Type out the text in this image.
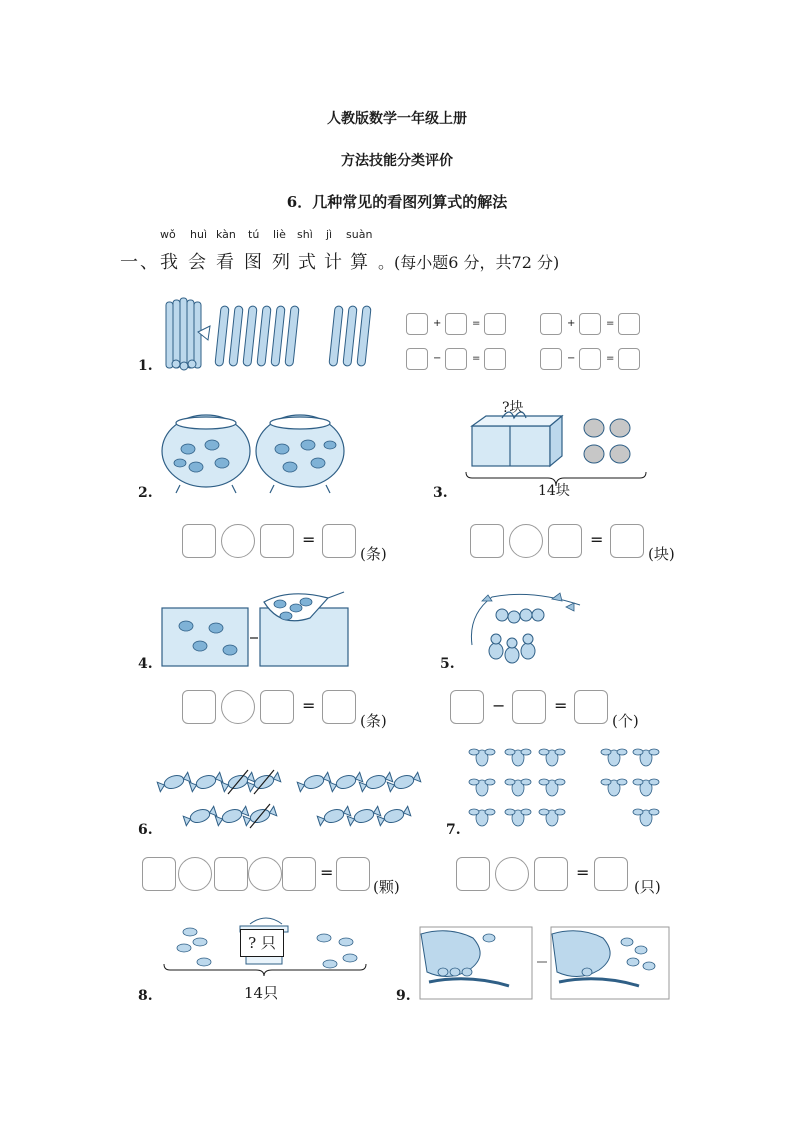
人教版数学一年级上册
方法技能分类评价
6．几种常见的看图列算式的解法
一、
wǒ huì kàn tú liè shì jì suàn
我 会 看 图 列 式 计 算 。(每小题6 分，共72 分)
1.
+	=	+	=
−	=	−	=
2.	3.
?块
14块
=
(条)
=
(块)
4.	5.
=
(条)
−	=
(个)
6.	7.
=
(颗)
=
(只)
8.
? 只
14只	9.
